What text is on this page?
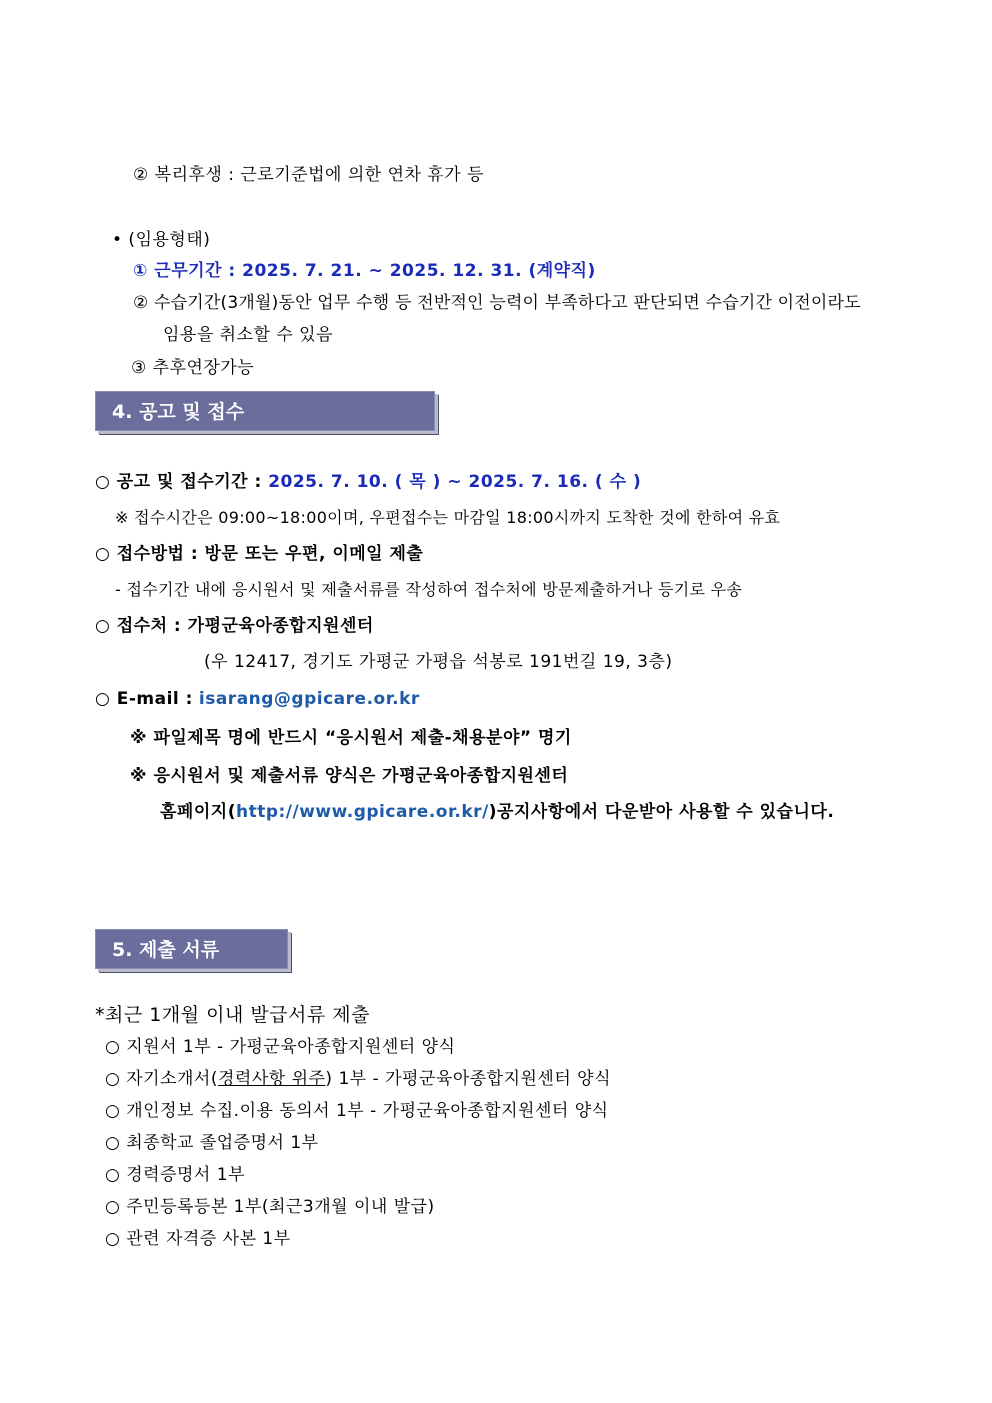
② 복리후생 : 근로기준법에 의한 연차 휴가 등
• (임용형태)
① 근무기간 : 2025. 7. 21. ~ 2025. 12. 31. (계약직)
② 수습기간(3개월)동안 업무 수행 등 전반적인 능력이 부족하다고 판단되면 수습기간 이전이라도
임용을 취소할 수 있음
③ 추후연장가능
4. 공고 및 접수
○ 공고 및 접수기간 : 2025. 7. 10. ( 목 ) ~ 2025. 7. 16. ( 수 )
※ 접수시간은 09:00~18:00이며, 우편접수는 마감일 18:00시까지 도착한 것에 한하여 유효
○ 접수방법 : 방문 또는 우편, 이메일 제출
- 접수기간 내에 응시원서 및 제출서류를 작성하여 접수처에 방문제출하거나 등기로 우송
○ 접수처 : 가평군육아종합지원센터
(우 12417, 경기도 가평군 가평읍 석봉로 191번길 19, 3층)
○ E-mail : isarang@gpicare.or.kr
※ 파일제목 명에 반드시 “응시원서 제출-채용분야” 명기
※ 응시원서 및 제출서류 양식은 가평군육아종합지원센터
홈페이지(http://www.gpicare.or.kr/)공지사항에서 다운받아 사용할 수 있습니다.
5. 제출 서류
*최근 1개월 이내 발급서류 제출
○ 지원서 1부 - 가평군육아종합지원센터 양식
○ 자기소개서(경력사항 위주) 1부 - 가평군육아종합지원센터 양식
○ 개인정보 수집.이용 동의서 1부 - 가평군육아종합지원센터 양식
○ 최종학교 졸업증명서 1부
○ 경력증명서 1부
○ 주민등록등본 1부(최근3개월 이내 발급)
○ 관련 자격증 사본 1부
